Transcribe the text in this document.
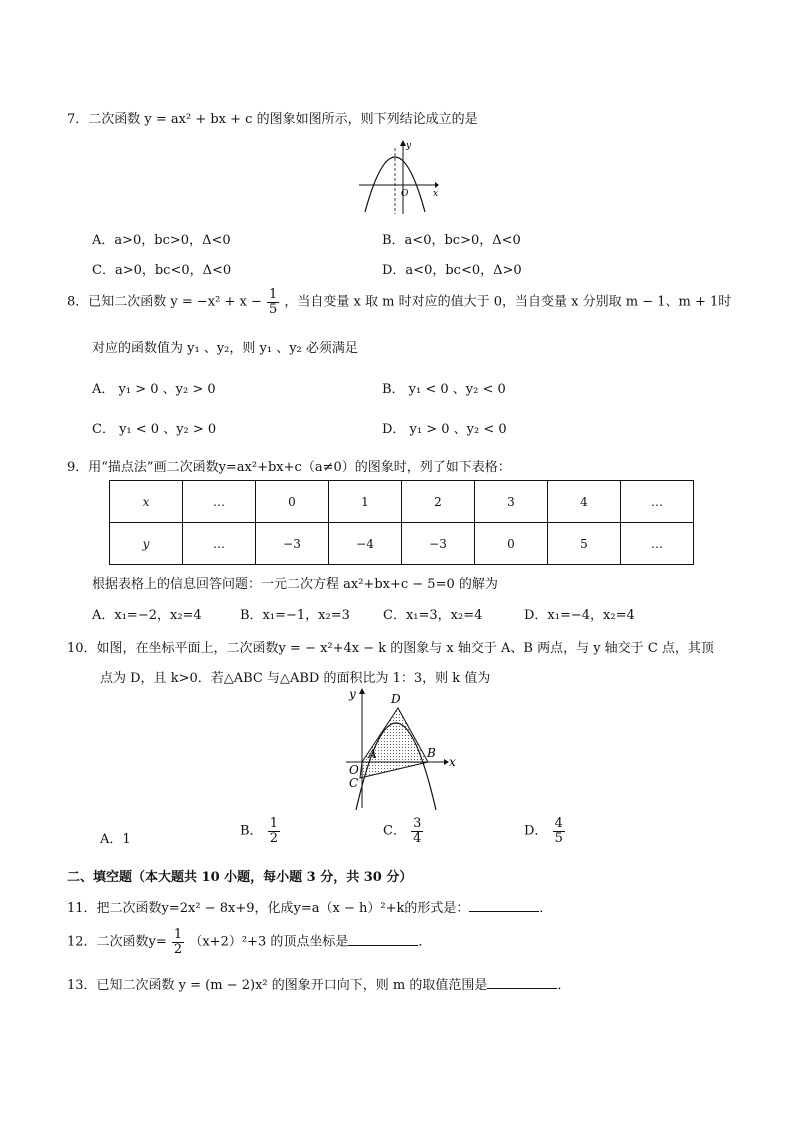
7．二次函数 y = ax² + bx + c 的图象如图所示，则下列结论成立的是
y
x
O
A．a>0，bc>0，Δ<0	B．a<0，bc>0，Δ<0
C．a>0，bc<0，Δ<0	D．a<0，bc<0，Δ>0
8．已知二次函数 $y = -x^2 + x - \frac{1}{5}$ ，当自变量 x 取 m 时对应的值大于 0，当自变量 x 分别取 m − 1、m + 1时
对应的函数值为 y₁ 、y₂，则 y₁ 、y₂ 必须满足
A． y₁ > 0 、y₂ > 0	B． y₁ < 0 、y₂ < 0
C． y₁ < 0 、y₂ > 0	D． y₁ > 0 、y₂ < 0
9．用“描点法”画二次函数y=ax²+bx+c（a≠0）的图象时，列了如下表格：
x	…	0	1	2	3	4	…
y	…	−3	−4	−3	0	5	…
根据表格上的信息回答问题：一元二次方程 ax²+bx+c − 5=0 的解为
A．x₁=−2，x₂=4	B．x₁=−1，x₂=3	C．x₁=3，x₂=4	D．x₁=−4，x₂=4
10．如图，在坐标平面上，二次函数y = − x²+4x − k 的图象与 x 轴交于 A、B 两点，与 y 轴交于 C 点，其顶
点为 D，且 k>0．若△ABC 与△ABD 的面积比为 1：3，则 k 值为
y
x
D
A	B
O
C
A．1
B． $\frac{1}{2}$	C． $\frac{3}{4}$	D． $\frac{4}{5}$
二、填空题（本大题共 10 小题，每小题 3 分，共 30 分）
11．把二次函数y=2x² − 8x+9，化成y=a（x − h）²+k的形式是：	．
12．二次函数$y= \frac{1}{2} (x+2)^2+3$ 的顶点坐标是	．
13．已知二次函数 y = (m − 2)x² 的图象开口向下，则 m 的取值范围是	．
